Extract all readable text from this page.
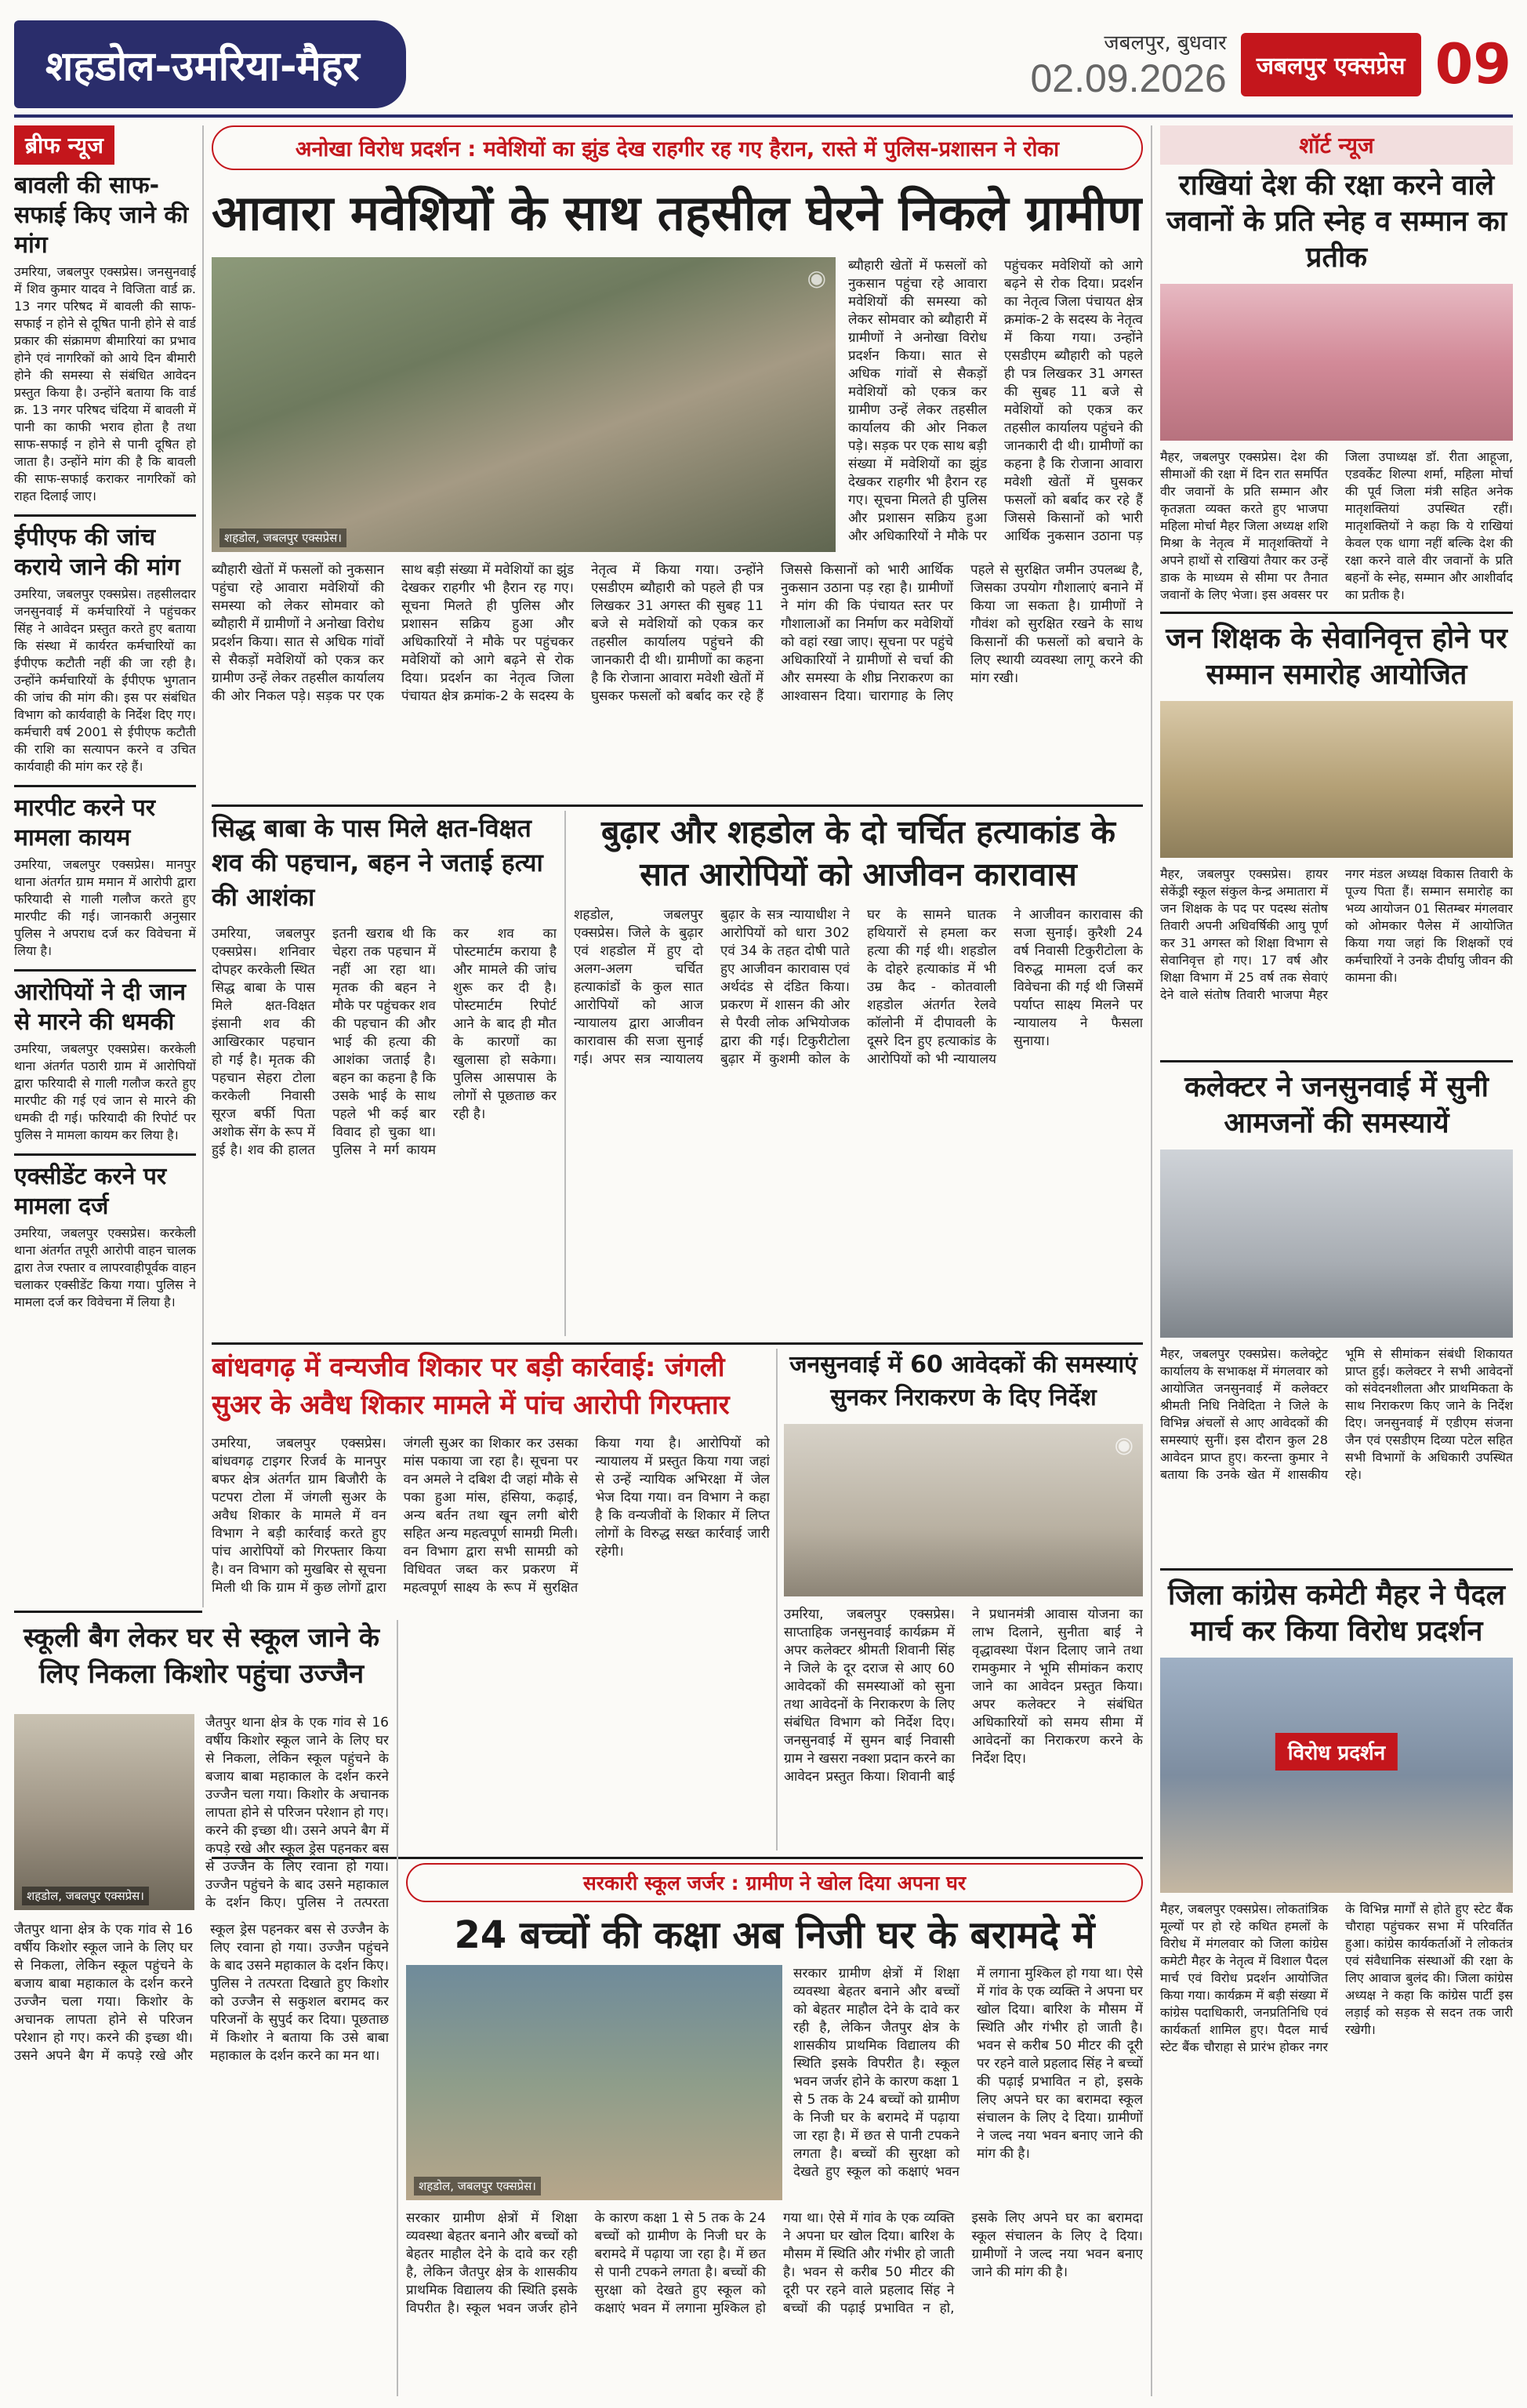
शहडोल-उमरिया-मैहर	जबलपुर, बुधवार
02.09.2026	जबलपुर एक्सप्रेस 09
ब्रीफ न्यूज
बावली की साफ-सफाई किए जाने की मांग

उमरिया, जबलपुर एक्सप्रेस। जनसुनवाई में शिव कुमार यादव ने विजिता वार्ड क्र. 13 नगर परिषद में बावली की साफ-सफाई न होने से दूषित पानी होने से वार्ड प्रकार की संक्रामण बीमारियां का प्रभाव होने एवं नागरिकों को आये दिन बीमारी होने की समस्या से संबंधित आवेदन प्रस्तुत किया है। उन्होंने बताया कि वार्ड क्र. 13 नगर परिषद चंदिया में बावली में पानी का काफी भराव होता है तथा साफ-सफाई न होने से पानी दूषित हो जाता है। उन्होंने मांग की है कि बावली की साफ-सफाई कराकर नागरिकों को राहत दिलाई जाए।

ईपीएफ की जांच कराये जाने की मांग

उमरिया, जबलपुर एक्सप्रेस। तहसीलदार जनसुनवाई में कर्मचारियों ने पहुंचकर सिंह ने आवेदन प्रस्तुत करते हुए बताया कि संस्था में कार्यरत कर्मचारियों का ईपीएफ कटौती नहीं की जा रही है। उन्होंने कर्मचारियों के ईपीएफ भुगतान की जांच की मांग की। इस पर संबंधित विभाग को कार्यवाही के निर्देश दिए गए। कर्मचारी वर्ष 2001 से ईपीएफ कटौती की राशि का सत्यापन करने व उचित कार्यवाही की मांग कर रहे हैं।

मारपीट करने पर मामला कायम

उमरिया, जबलपुर एक्सप्रेस। मानपुर थाना अंतर्गत ग्राम ममान में आरोपी द्वारा फरियादी से गाली गलौज करते हुए मारपीट की गई। जानकारी अनुसार पुलिस ने अपराध दर्ज कर विवेचना में लिया है।

आरोपियों ने दी जान से मारने की धमकी

उमरिया, जबलपुर एक्सप्रेस। करकेली थाना अंतर्गत पठारी ग्राम में आरोपियों द्वारा फरियादी से गाली गलौज करते हुए मारपीट की गई एवं जान से मारने की धमकी दी गई। फरियादी की रिपोर्ट पर पुलिस ने मामला कायम कर लिया है।

एक्सीडेंट करने पर मामला दर्ज

उमरिया, जबलपुर एक्सप्रेस। करकेली थाना अंतर्गत तपूरी आरोपी वाहन चालक द्वारा तेज रफ्तार व लापरवाहीपूर्वक वाहन चलाकर एक्सीडेंट किया गया। पुलिस ने मामला दर्ज कर विवेचना में लिया है।

अनोखा विरोध प्रदर्शन : मवेशियों का झुंड देख राहगीर रह गए हैरान, रास्ते में पुलिस-प्रशासन ने रोका
आवारा मवेशियों के साथ तहसील घेरने निकले ग्रामीण
◉
शहडोल, जबलपुर एक्सप्रेस।
ब्यौहारी खेतों में फसलों को नुकसान पहुंचा रहे आवारा मवेशियों की समस्या को लेकर सोमवार को ब्यौहारी में ग्रामीणों ने अनोखा विरोध प्रदर्शन किया। सात से अधिक गांवों से सैकड़ों मवेशियों को एकत्र कर ग्रामीण उन्हें लेकर तहसील कार्यालय की ओर निकल पड़े। सड़क पर एक साथ बड़ी संख्या में मवेशियों का झुंड देखकर राहगीर भी हैरान रह गए। सूचना मिलते ही पुलिस और प्रशासन सक्रिय हुआ और अधिकारियों ने मौके पर पहुंचकर मवेशियों को आगे बढ़ने से रोक दिया। प्रदर्शन का नेतृत्व जिला पंचायत क्षेत्र क्रमांक-2 के सदस्य के नेतृत्व में किया गया। उन्होंने एसडीएम ब्यौहारी को पहले ही पत्र लिखकर 31 अगस्त की सुबह 11 बजे से मवेशियों को एकत्र कर तहसील कार्यालय पहुंचने की जानकारी दी थी। ग्रामीणों का कहना है कि रोजाना आवारा मवेशी खेतों में घुसकर फसलों को बर्बाद कर रहे हैं जिससे किसानों को भारी आर्थिक नुकसान उठाना पड़
ब्यौहारी खेतों में फसलों को नुकसान पहुंचा रहे आवारा मवेशियों की समस्या को लेकर सोमवार को ब्यौहारी में ग्रामीणों ने अनोखा विरोध प्रदर्शन किया। सात से अधिक गांवों से सैकड़ों मवेशियों को एकत्र कर ग्रामीण उन्हें लेकर तहसील कार्यालय की ओर निकल पड़े। सड़क पर एक साथ बड़ी संख्या में मवेशियों का झुंड देखकर राहगीर भी हैरान रह गए। सूचना मिलते ही पुलिस और प्रशासन सक्रिय हुआ और अधिकारियों ने मौके पर पहुंचकर मवेशियों को आगे बढ़ने से रोक दिया। प्रदर्शन का नेतृत्व जिला पंचायत क्षेत्र क्रमांक-2 के सदस्य के नेतृत्व में किया गया। उन्होंने एसडीएम ब्यौहारी को पहले ही पत्र लिखकर 31 अगस्त की सुबह 11 बजे से मवेशियों को एकत्र कर तहसील कार्यालय पहुंचने की जानकारी दी थी। ग्रामीणों का कहना है कि रोजाना आवारा मवेशी खेतों में घुसकर फसलों को बर्बाद कर रहे हैं जिससे किसानों को भारी आर्थिक नुकसान उठाना पड़ रहा है। ग्रामीणों ने मांग की कि पंचायत स्तर पर गौशालाओं का निर्माण कर मवेशियों को वहां रखा जाए। सूचना पर पहुंचे अधिकारियों ने ग्रामीणों से चर्चा की और समस्या के शीघ्र निराकरण का आश्वासन दिया। चारागाह के लिए पहले से सुरक्षित जमीन उपलब्ध है, जिसका उपयोग गौशालाएं बनाने में किया जा सकता है। ग्रामीणों ने गौवंश को सुरक्षित रखने के साथ किसानों की फसलों को बचाने के लिए स्थायी व्यवस्था लागू करने की मांग रखी।
सिद्ध बाबा के पास मिले क्षत-विक्षत शव की पहचान, बहन ने जताई हत्या की आशंका
उमरिया, जबलपुर एक्सप्रेस। शनिवार दोपहर करकेली स्थित सिद्ध बाबा के पास मिले क्षत-विक्षत इंसानी शव की आखिरकार पहचान हो गई है। मृतक की पहचान सेहरा टोला करकेली निवासी सूरज बर्फी पिता अशोक सेंग के रूप में हुई है। शव की हालत इतनी खराब थी कि चेहरा तक पहचान में नहीं आ रहा था। मृतक की बहन ने मौके पर पहुंचकर शव की पहचान की और भाई की हत्या की आशंका जताई है। बहन का कहना है कि उसके भाई के साथ पहले भी कई बार विवाद हो चुका था। पुलिस ने मर्ग कायम कर शव का पोस्टमार्टम कराया है और मामले की जांच शुरू कर दी है। पोस्टमार्टम रिपोर्ट आने के बाद ही मौत के कारणों का खुलासा हो सकेगा। पुलिस आसपास के लोगों से पूछताछ कर रही है।
बुढ़ार और शहडोल के दो चर्चित हत्याकांड के सात आरोपियों को आजीवन कारावास
शहडोल, जबलपुर एक्सप्रेस। जिले के बुढ़ार एवं शहडोल में हुए दो अलग-अलग चर्चित हत्याकांडों के कुल सात आरोपियों को आज न्यायालय द्वारा आजीवन कारावास की सजा सुनाई गई। अपर सत्र न्यायालय बुढ़ार के सत्र न्यायाधीश ने आरोपियों को धारा 302 एवं 34 के तहत दोषी पाते हुए आजीवन कारावास एवं अर्थदंड से दंडित किया। प्रकरण में शासन की ओर से पैरवी लोक अभियोजक द्वारा की गई। टिकुरीटोला बुढ़ार में कुशमी कोल के घर के सामने घातक हथियारों से हमला कर हत्या की गई थी। शहडोल के दोहरे हत्याकांड में भी उम्र कैद - कोतवाली शहडोल अंतर्गत रेलवे कॉलोनी में दीपावली के दूसरे दिन हुए हत्याकांड के आरोपियों को भी न्यायालय ने आजीवन कारावास की सजा सुनाई। कुरैशी 24 वर्ष निवासी टिकुरीटोला के विरुद्ध मामला दर्ज कर विवेचना की गई थी जिसमें पर्याप्त साक्ष्य मिलने पर न्यायालय ने फैसला सुनाया।
बांधवगढ़ में वन्यजीव शिकार पर बड़ी कार्रवाई: जंगली सुअर के अवैध शिकार मामले में पांच आरोपी गिरफ्तार
उमरिया, जबलपुर एक्सप्रेस। बांधवगढ़ टाइगर रिजर्व के मानपुर बफर क्षेत्र अंतर्गत ग्राम बिजौरी के पटपरा टोला में जंगली सुअर के अवैध शिकार के मामले में वन विभाग ने बड़ी कार्रवाई करते हुए पांच आरोपियों को गिरफ्तार किया है। वन विभाग को मुखबिर से सूचना मिली थी कि ग्राम में कुछ लोगों द्वारा जंगली सुअर का शिकार कर उसका मांस पकाया जा रहा है। सूचना पर वन अमले ने दबिश दी जहां मौके से पका हुआ मांस, हंसिया, कढ़ाई, अन्य बर्तन तथा खून लगी बोरी सहित अन्य महत्वपूर्ण सामग्री मिली। वन विभाग द्वारा सभी सामग्री को विधिवत जब्त कर प्रकरण में महत्वपूर्ण साक्ष्य के रूप में सुरक्षित किया गया है। आरोपियों को न्यायालय में प्रस्तुत किया गया जहां से उन्हें न्यायिक अभिरक्षा में जेल भेज दिया गया। वन विभाग ने कहा है कि वन्यजीवों के शिकार में लिप्त लोगों के विरुद्ध सख्त कार्रवाई जारी रहेगी।
जनसुनवाई में 60 आवेदकों की समस्याएं सुनकर निराकरण के दिए निर्देश
◉
उमरिया, जबलपुर एक्सप्रेस। साप्ताहिक जनसुनवाई कार्यक्रम में अपर कलेक्टर श्रीमती शिवानी सिंह ने जिले के दूर दराज से आए 60 आवेदकों की समस्याओं को सुना तथा आवेदनों के निराकरण के लिए संबंधित विभाग को निर्देश दिए। जनसुनवाई में सुमन बाई निवासी ग्राम ने खसरा नक्शा प्रदान करने का आवेदन प्रस्तुत किया। शिवानी बाई ने प्रधानमंत्री आवास योजना का लाभ दिलाने, सुनीता बाई ने वृद्धावस्था पेंशन दिलाए जाने तथा रामकुमार ने भूमि सीमांकन कराए जाने का आवेदन प्रस्तुत किया। अपर कलेक्टर ने संबंधित अधिकारियों को समय सीमा में आवेदनों का निराकरण करने के निर्देश दिए।
स्कूली बैग लेकर घर से स्कूल जाने के लिए निकला किशोर पहुंचा उज्जैन
शहडोल, जबलपुर एक्सप्रेस।
जैतपुर थाना क्षेत्र के एक गांव से 16 वर्षीय किशोर स्कूल जाने के लिए घर से निकला, लेकिन स्कूल पहुंचने के बजाय बाबा महाकाल के दर्शन करने उज्जैन चला गया। किशोर के अचानक लापता होने से परिजन परेशान हो गए। करने की इच्छा थी। उसने अपने बैग में कपड़े रखे और स्कूल ड्रेस पहनकर बस से उज्जैन के लिए रवाना हो गया। उज्जैन पहुंचने के बाद उसने महाकाल के दर्शन किए। पुलिस ने तत्परता
जैतपुर थाना क्षेत्र के एक गांव से 16 वर्षीय किशोर स्कूल जाने के लिए घर से निकला, लेकिन स्कूल पहुंचने के बजाय बाबा महाकाल के दर्शन करने उज्जैन चला गया। किशोर के अचानक लापता होने से परिजन परेशान हो गए। करने की इच्छा थी। उसने अपने बैग में कपड़े रखे और स्कूल ड्रेस पहनकर बस से उज्जैन के लिए रवाना हो गया। उज्जैन पहुंचने के बाद उसने महाकाल के दर्शन किए। पुलिस ने तत्परता दिखाते हुए किशोर को उज्जैन से सकुशल बरामद कर परिजनों के सुपुर्द कर दिया। पूछताछ में किशोर ने बताया कि उसे बाबा महाकाल के दर्शन करने का मन था।
सरकारी स्कूल जर्जर : ग्रामीण ने खोल दिया अपना घर
24 बच्चों की कक्षा अब निजी घर के बरामदे में
शहडोल, जबलपुर एक्सप्रेस।
सरकार ग्रामीण क्षेत्रों में शिक्षा व्यवस्था बेहतर बनाने और बच्चों को बेहतर माहौल देने के दावे कर रही है, लेकिन जैतपुर क्षेत्र के शासकीय प्राथमिक विद्यालय की स्थिति इसके विपरीत है। स्कूल भवन जर्जर होने के कारण कक्षा 1 से 5 तक के 24 बच्चों को ग्रामीण के निजी घर के बरामदे में पढ़ाया जा रहा है। में छत से पानी टपकने लगता है। बच्चों की सुरक्षा को देखते हुए स्कूल को कक्षाएं भवन में लगाना मुश्किल हो गया था। ऐसे में गांव के एक व्यक्ति ने अपना घर खोल दिया। बारिश के मौसम में स्थिति और गंभीर हो जाती है। भवन से करीब 50 मीटर की दूरी पर रहने वाले प्रहलाद सिंह ने बच्चों की पढ़ाई प्रभावित न हो, इसके लिए अपने घर का बरामदा स्कूल संचालन के लिए दे दिया। ग्रामीणों ने जल्द नया भवन बनाए जाने की मांग की है।
सरकार ग्रामीण क्षेत्रों में शिक्षा व्यवस्था बेहतर बनाने और बच्चों को बेहतर माहौल देने के दावे कर रही है, लेकिन जैतपुर क्षेत्र के शासकीय प्राथमिक विद्यालय की स्थिति इसके विपरीत है। स्कूल भवन जर्जर होने के कारण कक्षा 1 से 5 तक के 24 बच्चों को ग्रामीण के निजी घर के बरामदे में पढ़ाया जा रहा है। में छत से पानी टपकने लगता है। बच्चों की सुरक्षा को देखते हुए स्कूल को कक्षाएं भवन में लगाना मुश्किल हो गया था। ऐसे में गांव के एक व्यक्ति ने अपना घर खोल दिया। बारिश के मौसम में स्थिति और गंभीर हो जाती है। भवन से करीब 50 मीटर की दूरी पर रहने वाले प्रहलाद सिंह ने बच्चों की पढ़ाई प्रभावित न हो, इसके लिए अपने घर का बरामदा स्कूल संचालन के लिए दे दिया। ग्रामीणों ने जल्द नया भवन बनाए जाने की मांग की है।
शॉर्ट न्यूज
राखियां देश की रक्षा करने वाले जवानों के प्रति स्नेह व सम्मान का प्रतीक
मैहर, जबलपुर एक्सप्रेस। देश की सीमाओं की रक्षा में दिन रात समर्पित वीर जवानों के प्रति सम्मान और कृतज्ञता व्यक्त करते हुए भाजपा महिला मोर्चा मैहर जिला अध्यक्ष शशि मिश्रा के नेतृत्व में मातृशक्तियों ने अपने हाथों से राखियां तैयार कर उन्हें डाक के माध्यम से सीमा पर तैनात जवानों के लिए भेजा। इस अवसर पर जिला उपाध्यक्ष डॉ. रीता आहूजा, एडवर्केट शिल्पा शर्मा, महिला मोर्चा की पूर्व जिला मंत्री सहित अनेक मातृशक्तियां उपस्थित रहीं। मातृशक्तियों ने कहा कि ये राखियां केवल एक धागा नहीं बल्कि देश की रक्षा करने वाले वीर जवानों के प्रति बहनों के स्नेह, सम्मान और आशीर्वाद का प्रतीक है।
जन शिक्षक के सेवानिवृत्त होने पर सम्मान समारोह आयोजित
मैहर, जबलपुर एक्सप्रेस। हायर सेकेंड्री स्कूल संकुल केन्द्र अमातारा में जन शिक्षक के पद पर पदस्थ संतोष तिवारी अपनी अधिवर्षिकी आयु पूर्ण कर 31 अगस्त को शिक्षा विभाग से सेवानिवृत्त हो गए। 17 वर्ष और शिक्षा विभाग में 25 वर्ष तक सेवाएं देने वाले संतोष तिवारी भाजपा मैहर नगर मंडल अध्यक्ष विकास तिवारी के पूज्य पिता हैं। सम्मान समारोह का भव्य आयोजन 01 सितम्बर मंगलवार को ओमकार पैलेस में आयोजित किया गया जहां कि शिक्षकों एवं कर्मचारियों ने उनके दीर्घायु जीवन की कामना की।
कलेक्टर ने जनसुनवाई में सुनी आमजनों की समस्यायें
मैहर, जबलपुर एक्सप्रेस। कलेक्ट्रेट कार्यालय के सभाकक्ष में मंगलवार को आयोजित जनसुनवाई में कलेक्टर श्रीमती निधि निवेदिता ने जिले के विभिन्न अंचलों से आए आवेदकों की समस्याएं सुनीं। इस दौरान कुल 28 आवेदन प्राप्त हुए। करन्ता कुमार ने बताया कि उनके खेत में शासकीय भूमि से सीमांकन संबंधी शिकायत प्राप्त हुई। कलेक्टर ने सभी आवेदनों को संवेदनशीलता और प्राथमिकता के साथ निराकरण किए जाने के निर्देश दिए। जनसुनवाई में एडीएम संजना जैन एवं एसडीएम दिव्या पटेल सहित सभी विभागों के अधिकारी उपस्थित रहे।
जिला कांग्रेस कमेटी मैहर ने पैदल मार्च कर किया विरोध प्रदर्शन
विरोध प्रदर्शन
मैहर, जबलपुर एक्सप्रेस। लोकतांत्रिक मूल्यों पर हो रहे कथित हमलों के विरोध में मंगलवार को जिला कांग्रेस कमेटी मैहर के नेतृत्व में विशाल पैदल मार्च एवं विरोध प्रदर्शन आयोजित किया गया। कार्यक्रम में बड़ी संख्या में कांग्रेस पदाधिकारी, जनप्रतिनिधि एवं कार्यकर्ता शामिल हुए। पैदल मार्च स्टेट बैंक चौराहा से प्रारंभ होकर नगर के विभिन्न मार्गों से होते हुए स्टेट बैंक चौराहा पहुंचकर सभा में परिवर्तित हुआ। कांग्रेस कार्यकर्ताओं ने लोकतंत्र एवं संवैधानिक संस्थाओं की रक्षा के लिए आवाज बुलंद की। जिला कांग्रेस अध्यक्ष ने कहा कि कांग्रेस पार्टी इस लड़ाई को सड़क से सदन तक जारी रखेगी।
